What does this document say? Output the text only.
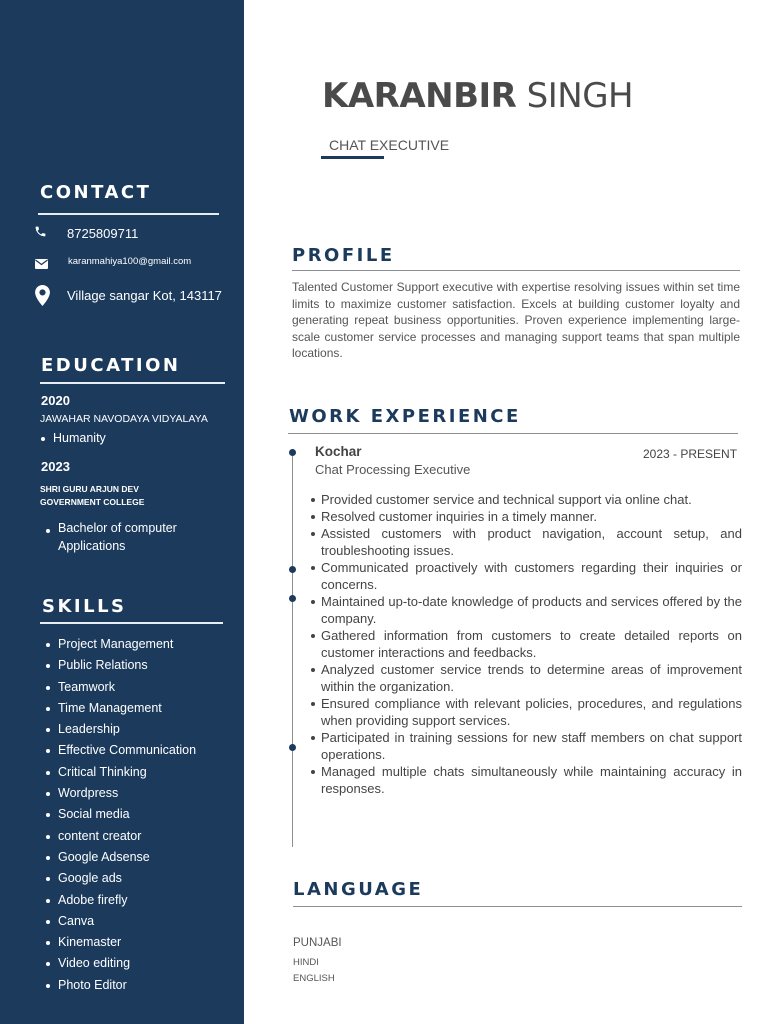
CONTACT
8725809711
karanmahiya100@gmail.com
Village sangar Kot, 143117
EDUCATION
2020
JAWAHAR NAVODAYA VIDYALAYA
Humanity
2023
SHRI GURU ARJUN DEV
GOVERNMENT COLLEGE
Bachelor of computer
Applications
SKILLS
Project Management
Public Relations
Teamwork
Time Management
Leadership
Effective Communication
Critical Thinking
Wordpress
Social media
content creator
Google Adsense
Google ads
Adobe firefly
Canva
Kinemaster
Video editing
Photo Editor
KARANBIR SINGH
CHAT EXECUTIVE
PROFILE
Talented Customer Support executive with expertise resolving issues within set time limits to maximize customer satisfaction. Excels at building customer loyalty and generating repeat business opportunities. Proven experience implementing large-scale customer service processes and managing support teams that span multiple locations.
WORK EXPERIENCE
Kochar	2023 - PRESENT
Chat Processing Executive
Provided customer service and technical support via online chat.
Resolved customer inquiries in a timely manner.
Assisted customers with product navigation, account setup, and troubleshooting issues.
Communicated proactively with customers regarding their inquiries or concerns.
Maintained up-to-date knowledge of products and services offered by the company.
Gathered information from customers to create detailed reports on customer interactions and feedbacks.
Analyzed customer service trends to determine areas of improvement within the organization.
Ensured compliance with relevant policies, procedures, and regulations when providing support services.
Participated in training sessions for new staff members on chat support operations.
Managed multiple chats simultaneously while maintaining accuracy in responses.
LANGUAGE
PUNJABI
HINDI
ENGLISH
